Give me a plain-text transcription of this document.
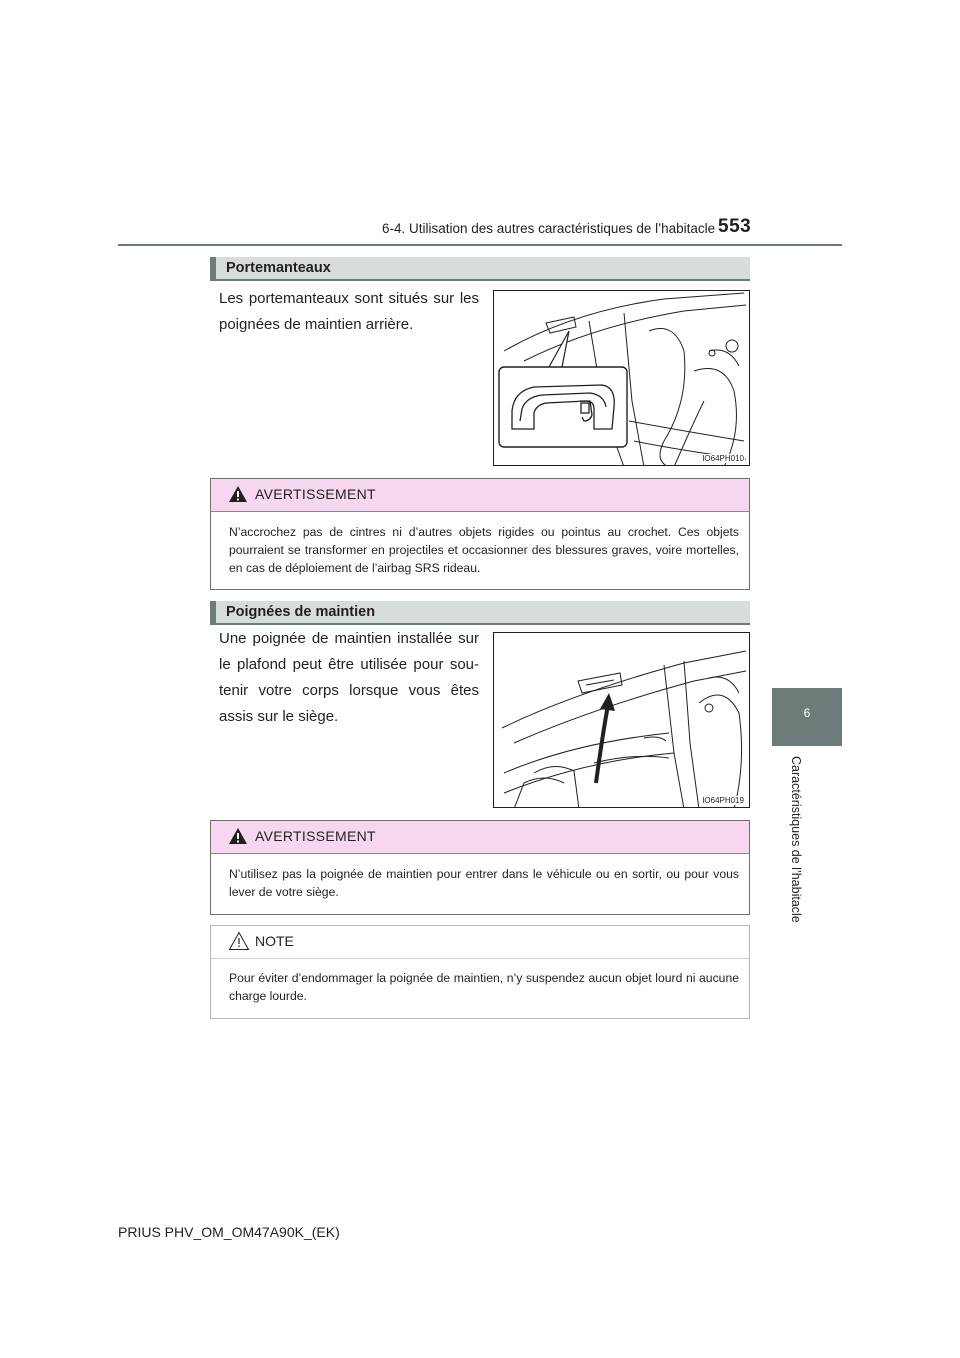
6-4. Utilisation des autres caractéristiques de l’habitacle 553
6
Caractéristiques de l’habitacle
Portemanteaux
Les portemanteaux sont situés sur les poignées de maintien arrière.
IO64PH010
AVERTISSEMENT
N’accrochez pas de cintres ni d’autres objets rigides ou pointus au crochet. Ces objets pourraient se transformer en projectiles et occasionner des blessures graves, voire mortelles, en cas de déploiement de l’airbag SRS rideau.
Poignées de maintien
Une poignée de maintien installée sur le plafond peut être utilisée pour sou-tenir votre corps lorsque vous êtes assis sur le siège.
IO64PH019
AVERTISSEMENT
N’utilisez pas la poignée de maintien pour entrer dans le véhicule ou en sortir, ou pour vous lever de votre siège.
NOTE
Pour éviter d’endommager la poignée de maintien, n’y suspendez aucun objet lourd ni aucune charge lourde.
PRIUS PHV_OM_OM47A90K_(EK)
